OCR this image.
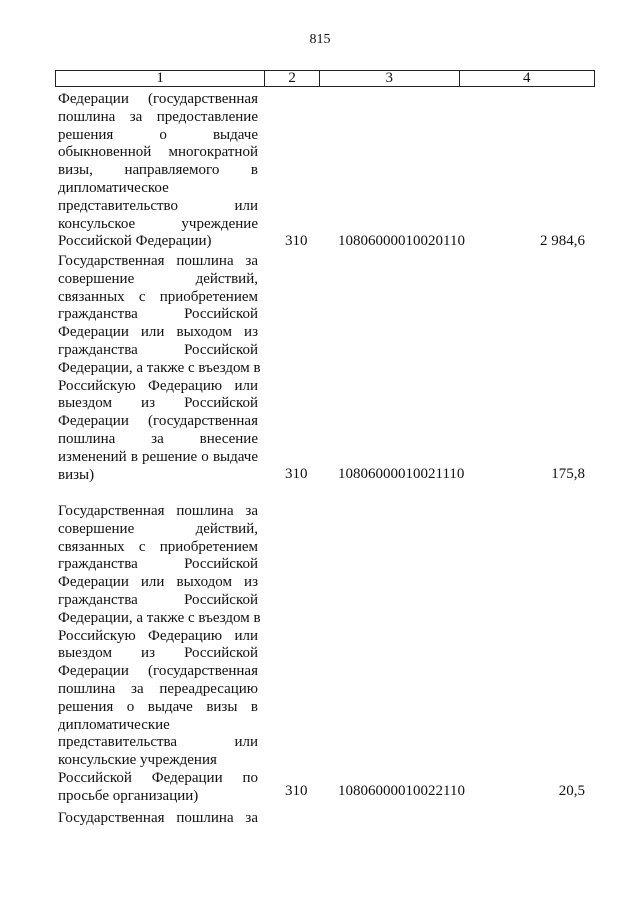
815
1	2	3	4
Федерации (государственная
пошлина за предоставление
решения о выдаче
обыкновенной многократной
визы, направляемого в
дипломатическое
представительство или
консульское учреждение
Российской Федерации)	310 10806000010020110	2 984,6
Государственная пошлина за
совершение действий,
связанных с приобретением
гражданства Российской
Федерации или выходом из
гражданства Российской
Федерации, а также с въездом в
Российскую Федерацию или
выездом из Российской
Федерации (государственная
пошлина за внесение
изменений в решение о выдаче
визы)	310 10806000010021110	175,8
Государственная пошлина за
совершение действий,
связанных с приобретением
гражданства Российской
Федерации или выходом из
гражданства Российской
Федерации, а также с въездом в
Российскую Федерацию или
выездом из Российской
Федерации (государственная
пошлина за переадресацию
решения о выдаче визы в
дипломатические
представительства или
консульские учреждения
Российской Федерации по
просьбе организации)	310 10806000010022110	20,5
Государственная пошлина за
